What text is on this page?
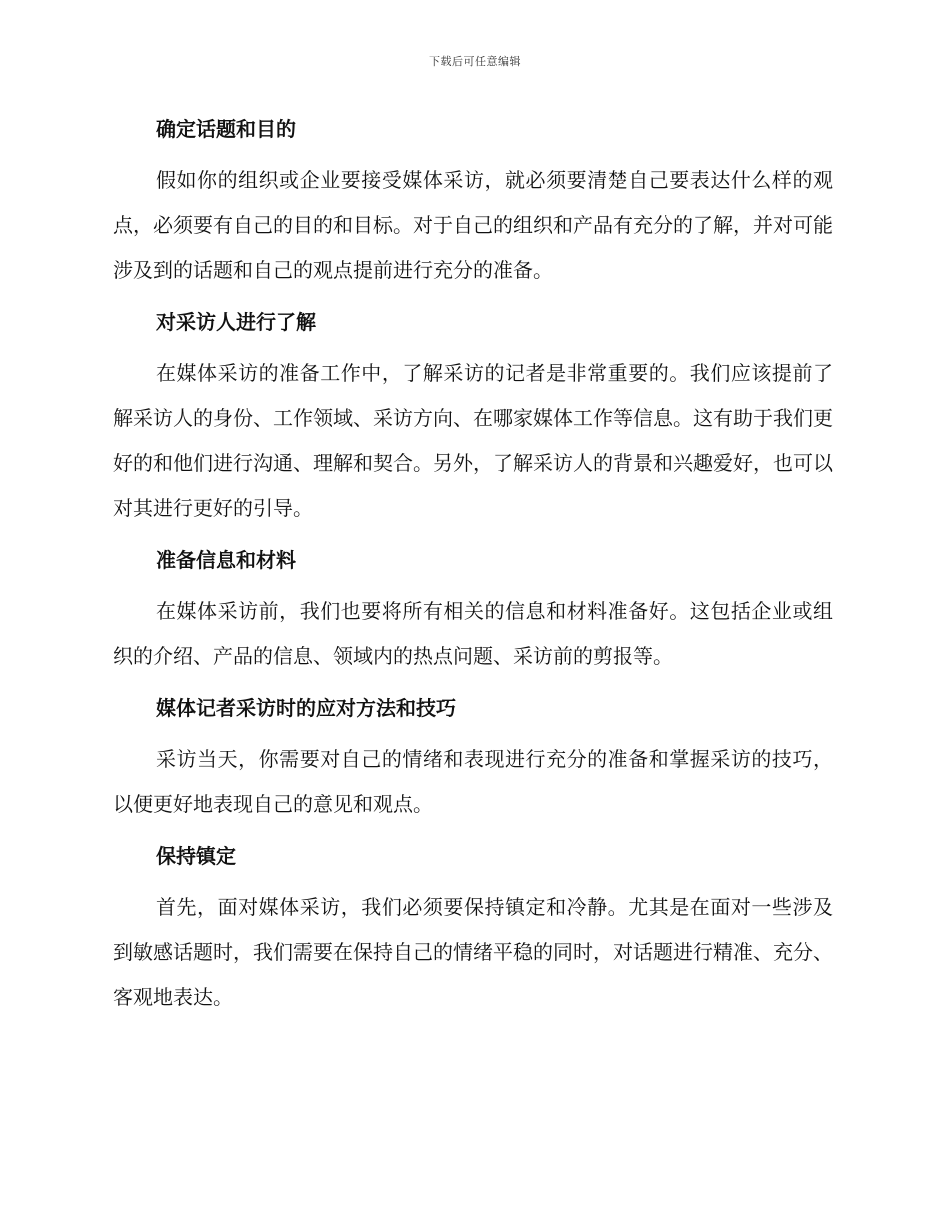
下载后可任意编辑
确定话题和目的

假如你的组织或企业要接受媒体采访，就必须要清楚自己要表达什么样的观点，必须要有自己的目的和目标。对于自己的组织和产品有充分的了解，并对可能涉及到的话题和自己的观点提前进行充分的准备。

对采访人进行了解

在媒体采访的准备工作中，了解采访的记者是非常重要的。我们应该提前了解采访人的身份、工作领域、采访方向、在哪家媒体工作等信息。这有助于我们更好的和他们进行沟通、理解和契合。另外，了解采访人的背景和兴趣爱好，也可以对其进行更好的引导。

准备信息和材料

在媒体采访前，我们也要将所有相关的信息和材料准备好。这包括企业或组织的介绍、产品的信息、领域内的热点问题、采访前的剪报等。

媒体记者采访时的应对方法和技巧

采访当天，你需要对自己的情绪和表现进行充分的准备和掌握采访的技巧，以便更好地表现自己的意见和观点。

保持镇定

首先，面对媒体采访，我们必须要保持镇定和冷静。尤其是在面对一些涉及到敏感话题时，我们需要在保持自己的情绪平稳的同时，对话题进行精准、充分、客观地表达。
